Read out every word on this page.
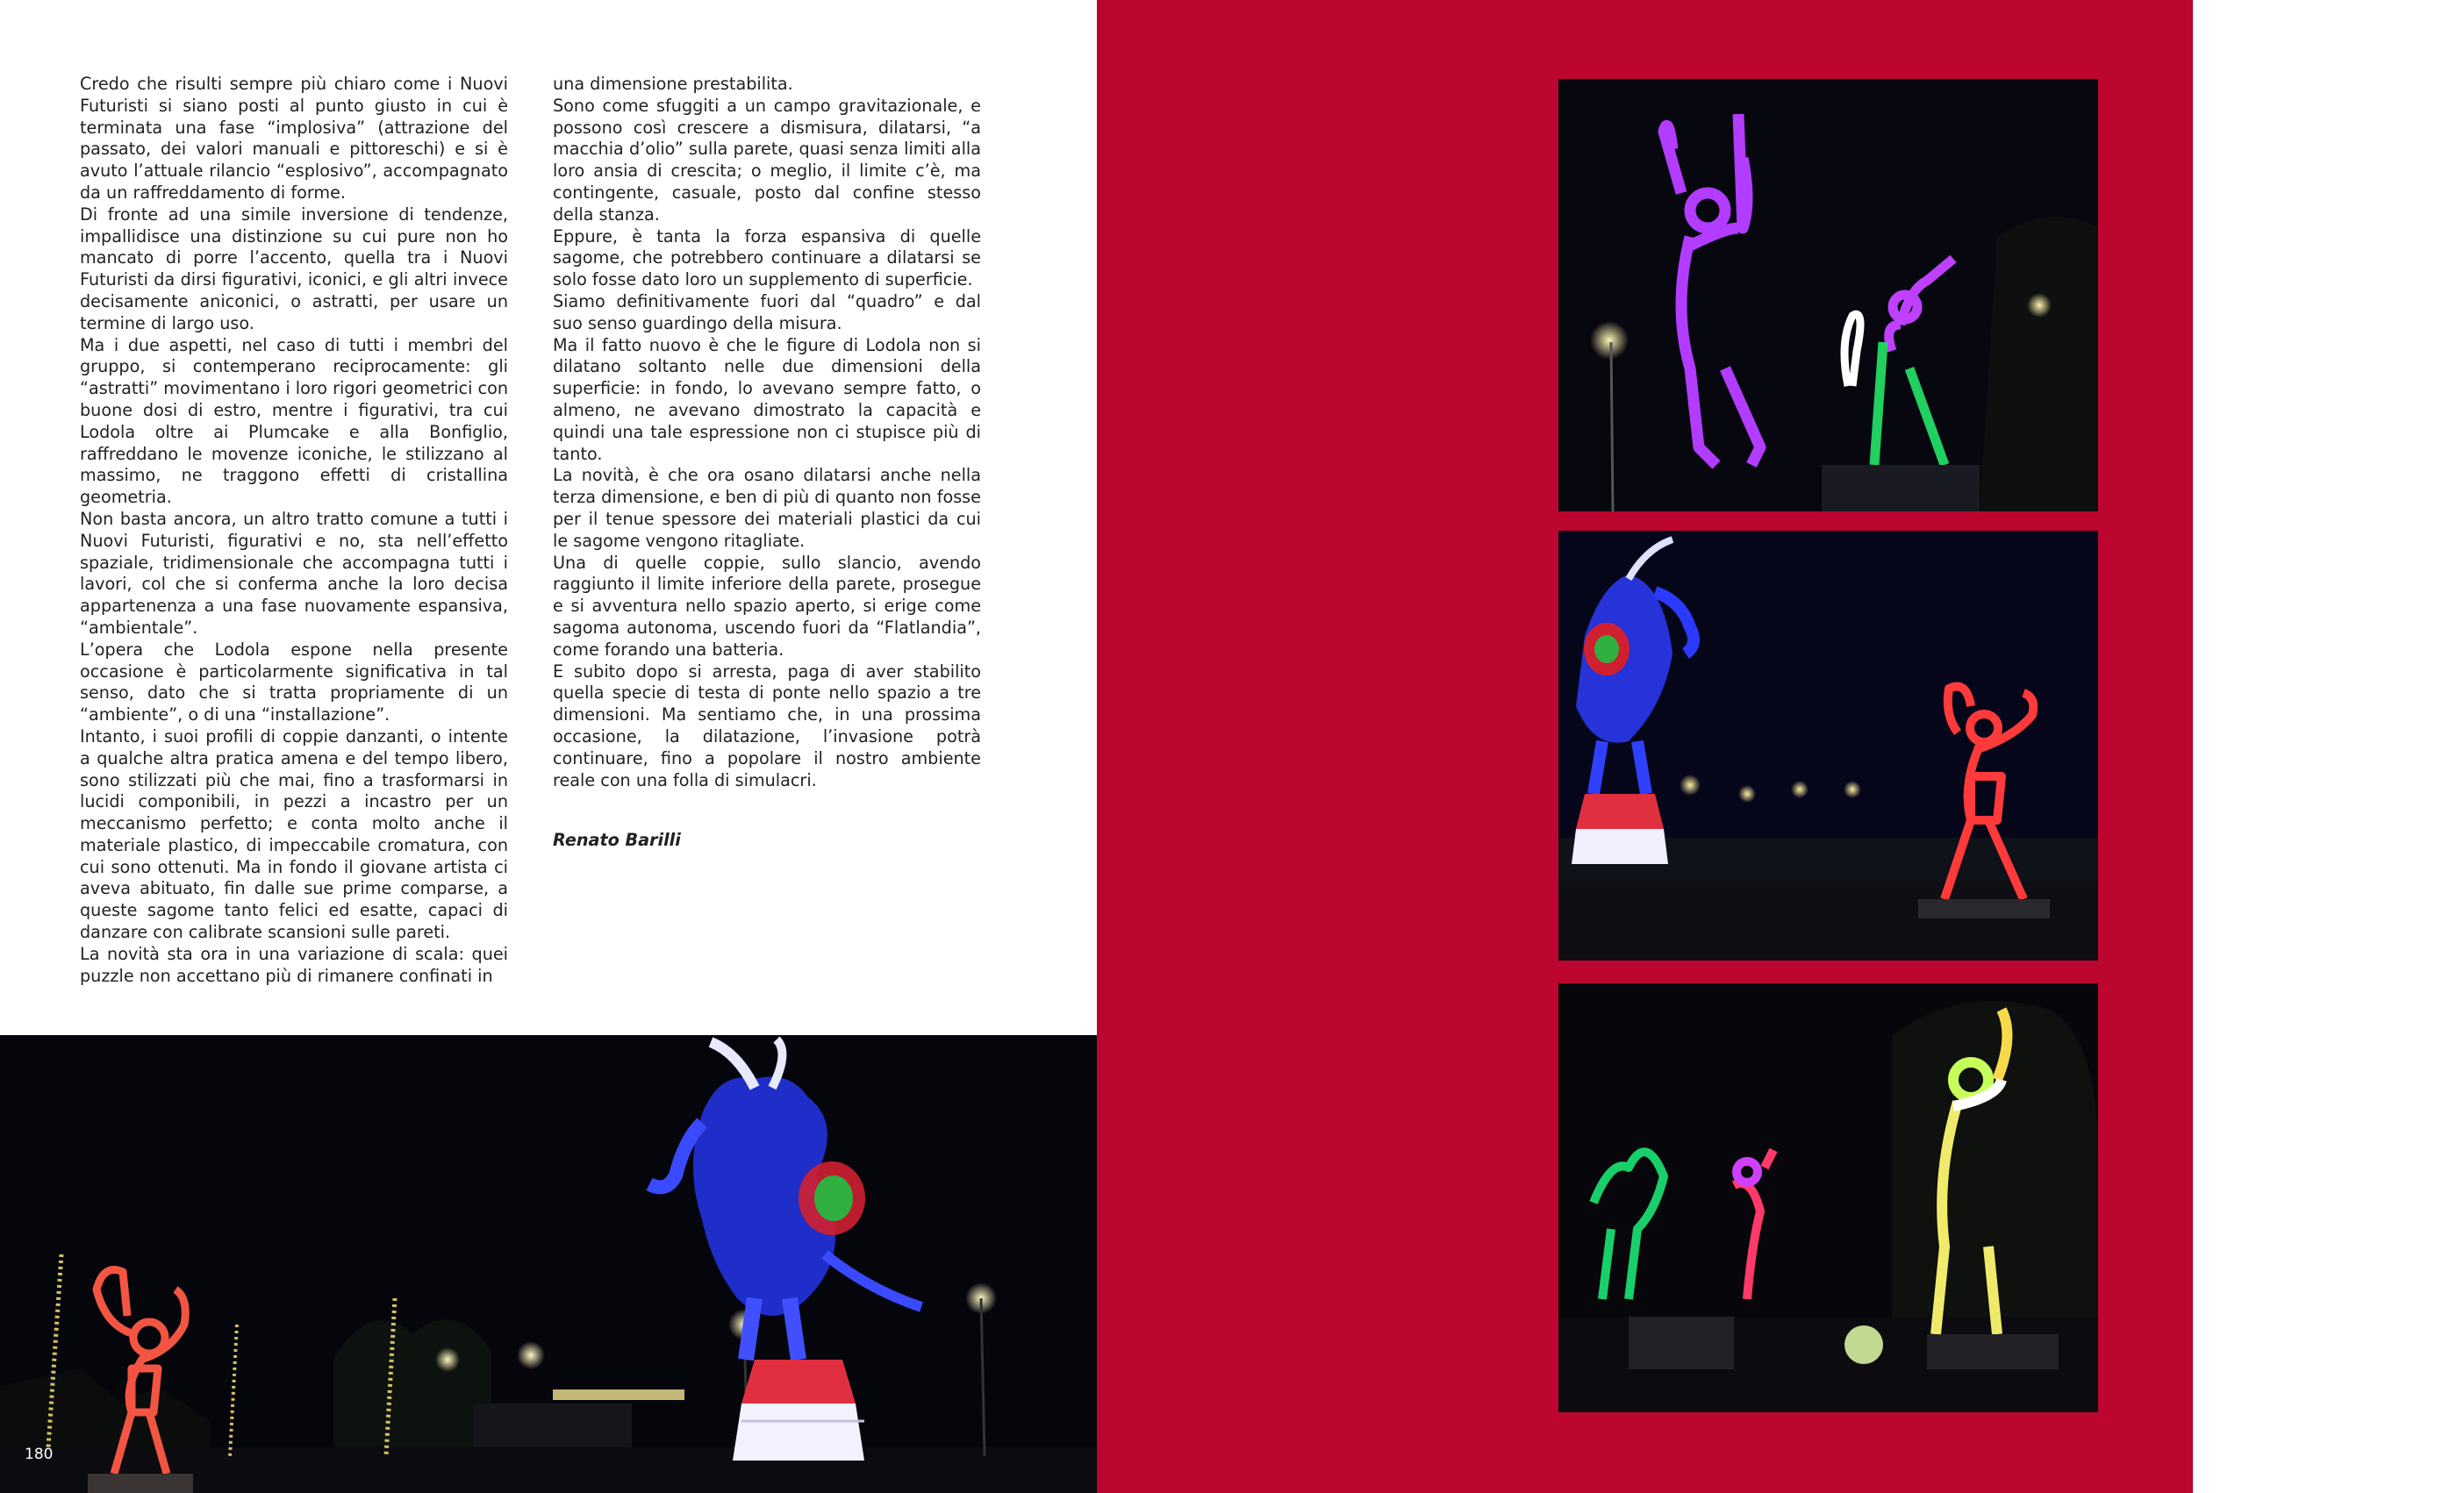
Credo che risulti sempre più chiaro come i Nuovi Futuristi si siano posti al punto giusto in cui è terminata una fase “implosiva” (attrazione del passato, dei valori manuali e pittoreschi) e si è avuto l’attuale rilancio “esplosivo”, accompagnato da un raffreddamento di forme.

Di fronte ad una simile inversione di tendenze, impallidisce una distinzione su cui pure non ho mancato di porre l’accento, quella tra i Nuovi Futuristi da dirsi figurativi, iconici, e gli altri invece decisamente aniconici, o astratti, per usare un termine di largo uso.

Ma i due aspetti, nel caso di tutti i membri del gruppo, si contemperano reciprocamente: gli “astratti” movimentano i loro rigori geometrici con buone dosi di estro, mentre i figurativi, tra cui Lodola oltre ai Plumcake e alla Bonfiglio, raffreddano le movenze iconiche, le stilizzano al massimo, ne traggono effetti di cristallina geometria.

Non basta ancora, un altro tratto comune a tutti i Nuovi Futuristi, figurativi e no, sta nell’effetto spaziale, tridimensionale che accompagna tutti i lavori, col che si conferma anche la loro decisa appartenenza a una fase nuovamente espansiva, “ambientale”.

L’opera che Lodola espone nella presente occasione è particolarmente significativa in tal senso, dato che si tratta propriamente di un “ambiente”, o di una “installazione”.

Intanto, i suoi profili di coppie danzanti, o intente a qualche altra pratica amena e del tempo libero, sono stilizzati più che mai, fino a trasformarsi in lucidi componibili, in pezzi a incastro per un meccanismo perfetto; e conta molto anche il materiale plastico, di impeccabile cromatura, con cui sono ottenuti. Ma in fondo il giovane artista ci aveva abituato, fin dalle sue prime comparse, a queste sagome tanto felici ed esatte, capaci di danzare con calibrate scansioni sulle pareti.

La novità sta ora in una variazione di scala: quei puzzle non accettano più di rimanere confinati in

una dimensione prestabilita.

Sono come sfuggiti a un campo gravitazionale, e possono così crescere a dismisura, dilatarsi, “a macchia d’olio” sulla parete, quasi senza limiti alla loro ansia di crescita; o meglio, il limite c’è, ma contingente, casuale, posto dal confine stesso della stanza.

Eppure, è tanta la forza espansiva di quelle sagome, che potrebbero continuare a dilatarsi se solo fosse dato loro un supplemento di superficie.

Siamo definitivamente fuori dal “quadro” e dal suo senso guardingo della misura.

Ma il fatto nuovo è che le figure di Lodola non si dilatano soltanto nelle due dimensioni della superficie: in fondo, lo avevano sempre fatto, o almeno, ne avevano dimostrato la capacità e quindi una tale espressione non ci stupisce più di tanto.

La novità, è che ora osano dilatarsi anche nella terza dimensione, e ben di più di quanto non fosse per il tenue spessore dei materiali plastici da cui le sagome vengono ritagliate.

Una di quelle coppie, sullo slancio, avendo raggiunto il limite inferiore della parete, prosegue e si avventura nello spazio aperto, si erige come sagoma autonoma, uscendo fuori da “Flatlandia”, come forando una batteria.

E subito dopo si arresta, paga di aver stabilito quella specie di testa di ponte nello spazio a tre dimensioni. Ma sentiamo che, in una prossima occasione, la dilatazione, l’invasione potrà continuare, fino a popolare il nostro ambiente reale con una folla di simulacri.

Renato Barilli

180
LUMINAPOLIS
Tirana 2016
